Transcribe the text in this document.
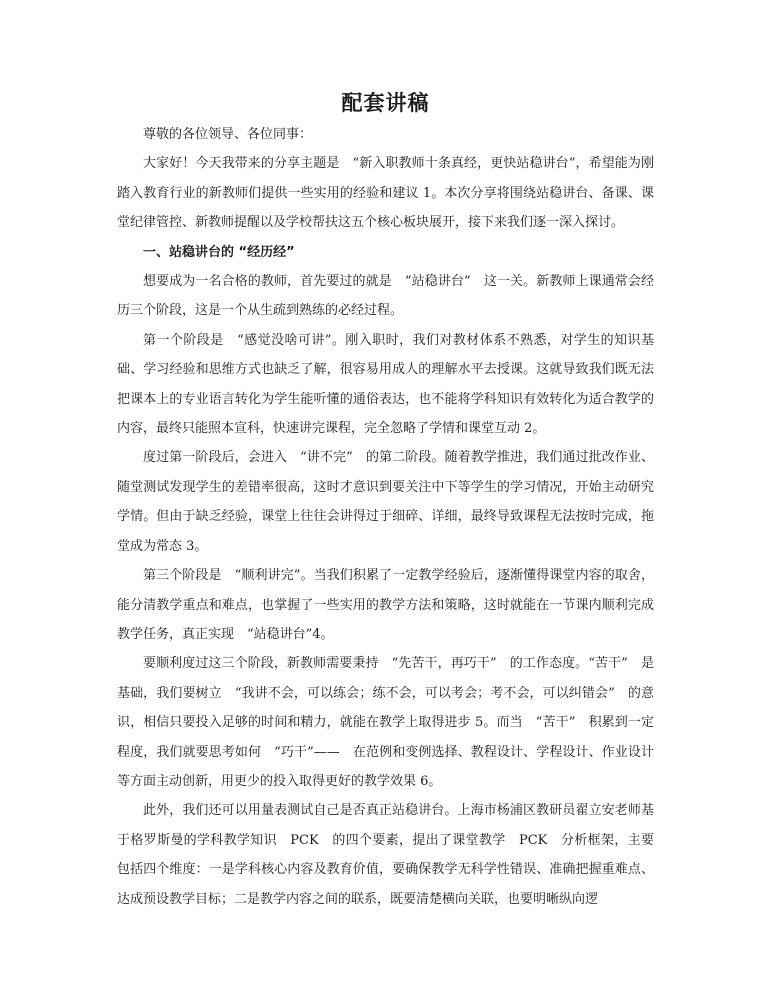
配套讲稿

尊敬的各位领导、各位同事：

大家好！今天我带来的分享主题是　“新入职教师十条真经，更快站稳讲台”，希望能为刚踏入教育行业的新教师们提供一些实用的经验和建议 1。本次分享将围绕站稳讲台、备课、课堂纪律管控、新教师提醒以及学校帮扶这五个核心板块展开，接下来我们逐一深入探讨。

一、站稳讲台的 “经历经”

想要成为一名合格的教师，首先要过的就是　“站稳讲台”　这一关。新教师上课通常会经历三个阶段，这是一个从生疏到熟练的必经过程。

第一个阶段是　“感觉没啥可讲”。刚入职时，我们对教材体系不熟悉，对学生的知识基础、学习经验和思维方式也缺乏了解，很容易用成人的理解水平去授课。这就导致我们既无法把课本上的专业语言转化为学生能听懂的通俗表达，也不能将学科知识有效转化为适合教学的内容，最终只能照本宣科，快速讲完课程，完全忽略了学情和课堂互动 2。

度过第一阶段后，会进入　“讲不完”　的第二阶段。随着教学推进，我们通过批改作业、随堂测试发现学生的差错率很高，这时才意识到要关注中下等学生的学习情况，开始主动研究学情。但由于缺乏经验，课堂上往往会讲得过于细碎、详细，最终导致课程无法按时完成，拖堂成为常态 3。

第三个阶段是　“顺利讲完”。当我们积累了一定教学经验后，逐渐懂得课堂内容的取舍，能分清教学重点和难点，也掌握了一些实用的教学方法和策略，这时就能在一节课内顺利完成教学任务，真正实现　“站稳讲台”4。

要顺利度过这三个阶段，新教师需要秉持　“先苦干，再巧干”　的工作态度。“苦干”　是基础，我们要树立　“我讲不会，可以练会；练不会，可以考会；考不会，可以纠错会”　的意识，相信只要投入足够的时间和精力，就能在教学上取得进步 5。而当　“苦干”　积累到一定程度，我们就要思考如何　“巧干”——　在范例和变例选择、教程设计、学程设计、作业设计等方面主动创新，用更少的投入取得更好的教学效果 6。

此外，我们还可以用量表测试自己是否真正站稳讲台。上海市杨浦区教研员翟立安老师基于格罗斯曼的学科教学知识　PCK　的四个要素，提出了课堂教学　PCK　分析框架，主要包括四个维度：一是学科核心内容及教育价值，要确保教学无科学性错误、准确把握重难点、达成预设教学目标；二是教学内容之间的联系，既要清楚横向关联，也要明晰纵向逻
